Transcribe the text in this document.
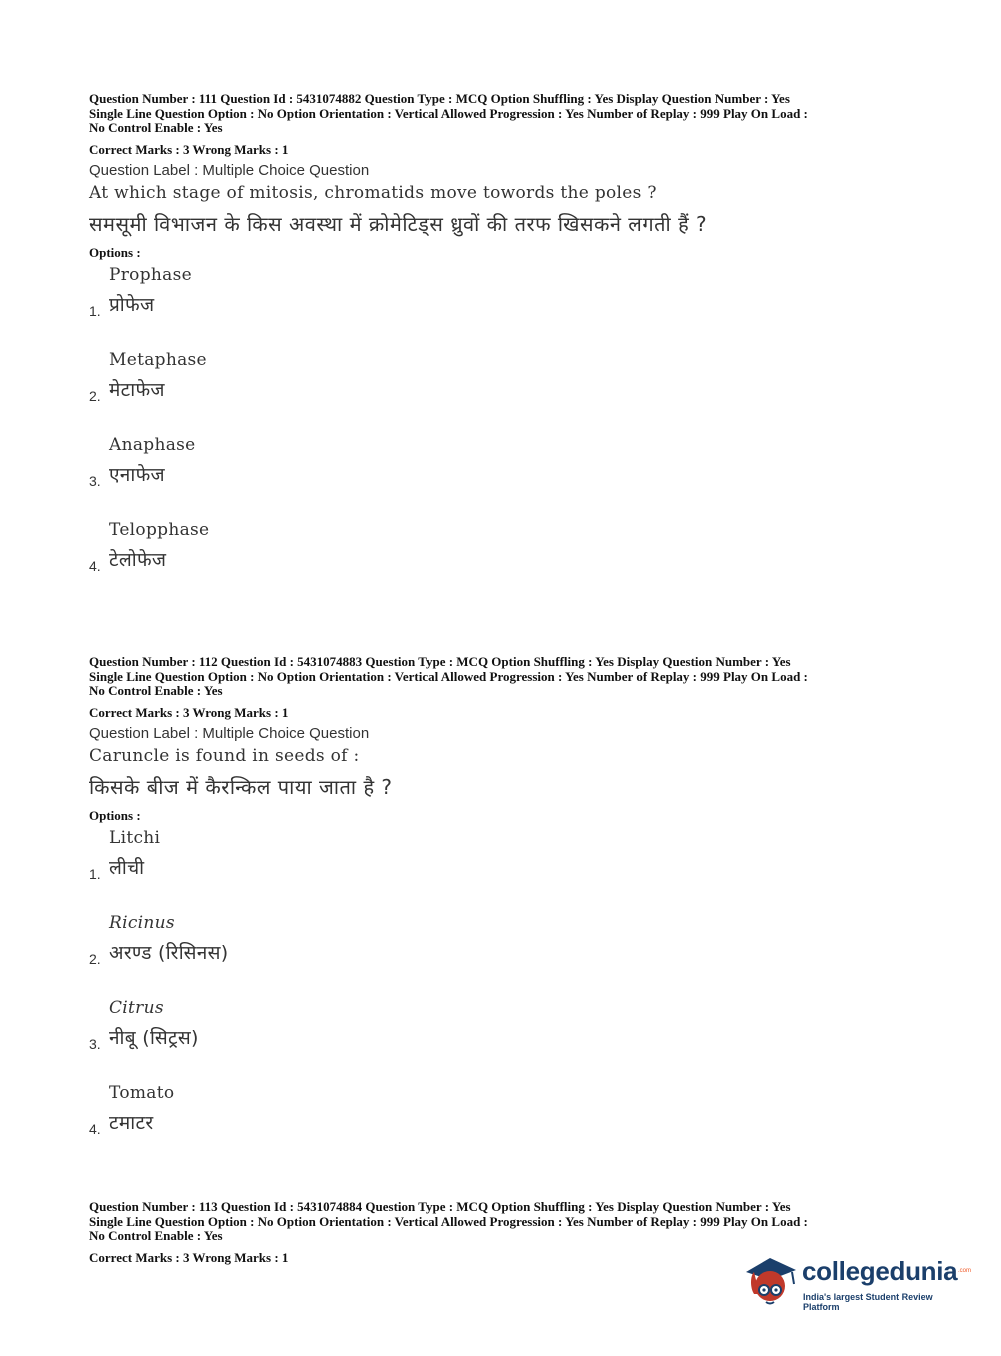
Question Number : 111 Question Id : 5431074882 Question Type : MCQ Option Shuffling : Yes Display Question Number : Yes
Single Line Question Option : No Option Orientation : Vertical Allowed Progression : Yes Number of Replay : 999 Play On Load :
No Control Enable : Yes
Correct Marks : 3 Wrong Marks : 1
Question Label : Multiple Choice Question
At which stage of mitosis, chromatids move towords the poles ?
समसूमी विभाजन के किस अवस्था में क्रोमेटिड्स ध्रुवों की तरफ खिसकने लगती हैं ?
Options :
Prophase
प्रोफेज
1.
Metaphase
मेटाफेज
2.
Anaphase
एनाफेज
3.
Telopphase
टेलोफेज
4.
Question Number : 112 Question Id : 5431074883 Question Type : MCQ Option Shuffling : Yes Display Question Number : Yes
Single Line Question Option : No Option Orientation : Vertical Allowed Progression : Yes Number of Replay : 999 Play On Load :
No Control Enable : Yes
Correct Marks : 3 Wrong Marks : 1
Question Label : Multiple Choice Question
Caruncle is found in seeds of :
किसके बीज में कैरन्किल पाया जाता है ?
Options :
Litchi
लीची
1.
Ricinus
अरण्ड (रिसिनस)
2.
Citrus
नीबू (सिट्रस)
3.
Tomato
टमाटर
4.
Question Number : 113 Question Id : 5431074884 Question Type : MCQ Option Shuffling : Yes Display Question Number : Yes
Single Line Question Option : No Option Orientation : Vertical Allowed Progression : Yes Number of Replay : 999 Play On Load :
No Control Enable : Yes
Correct Marks : 3 Wrong Marks : 1	collegedunia .com
India's largest Student Review Platform
